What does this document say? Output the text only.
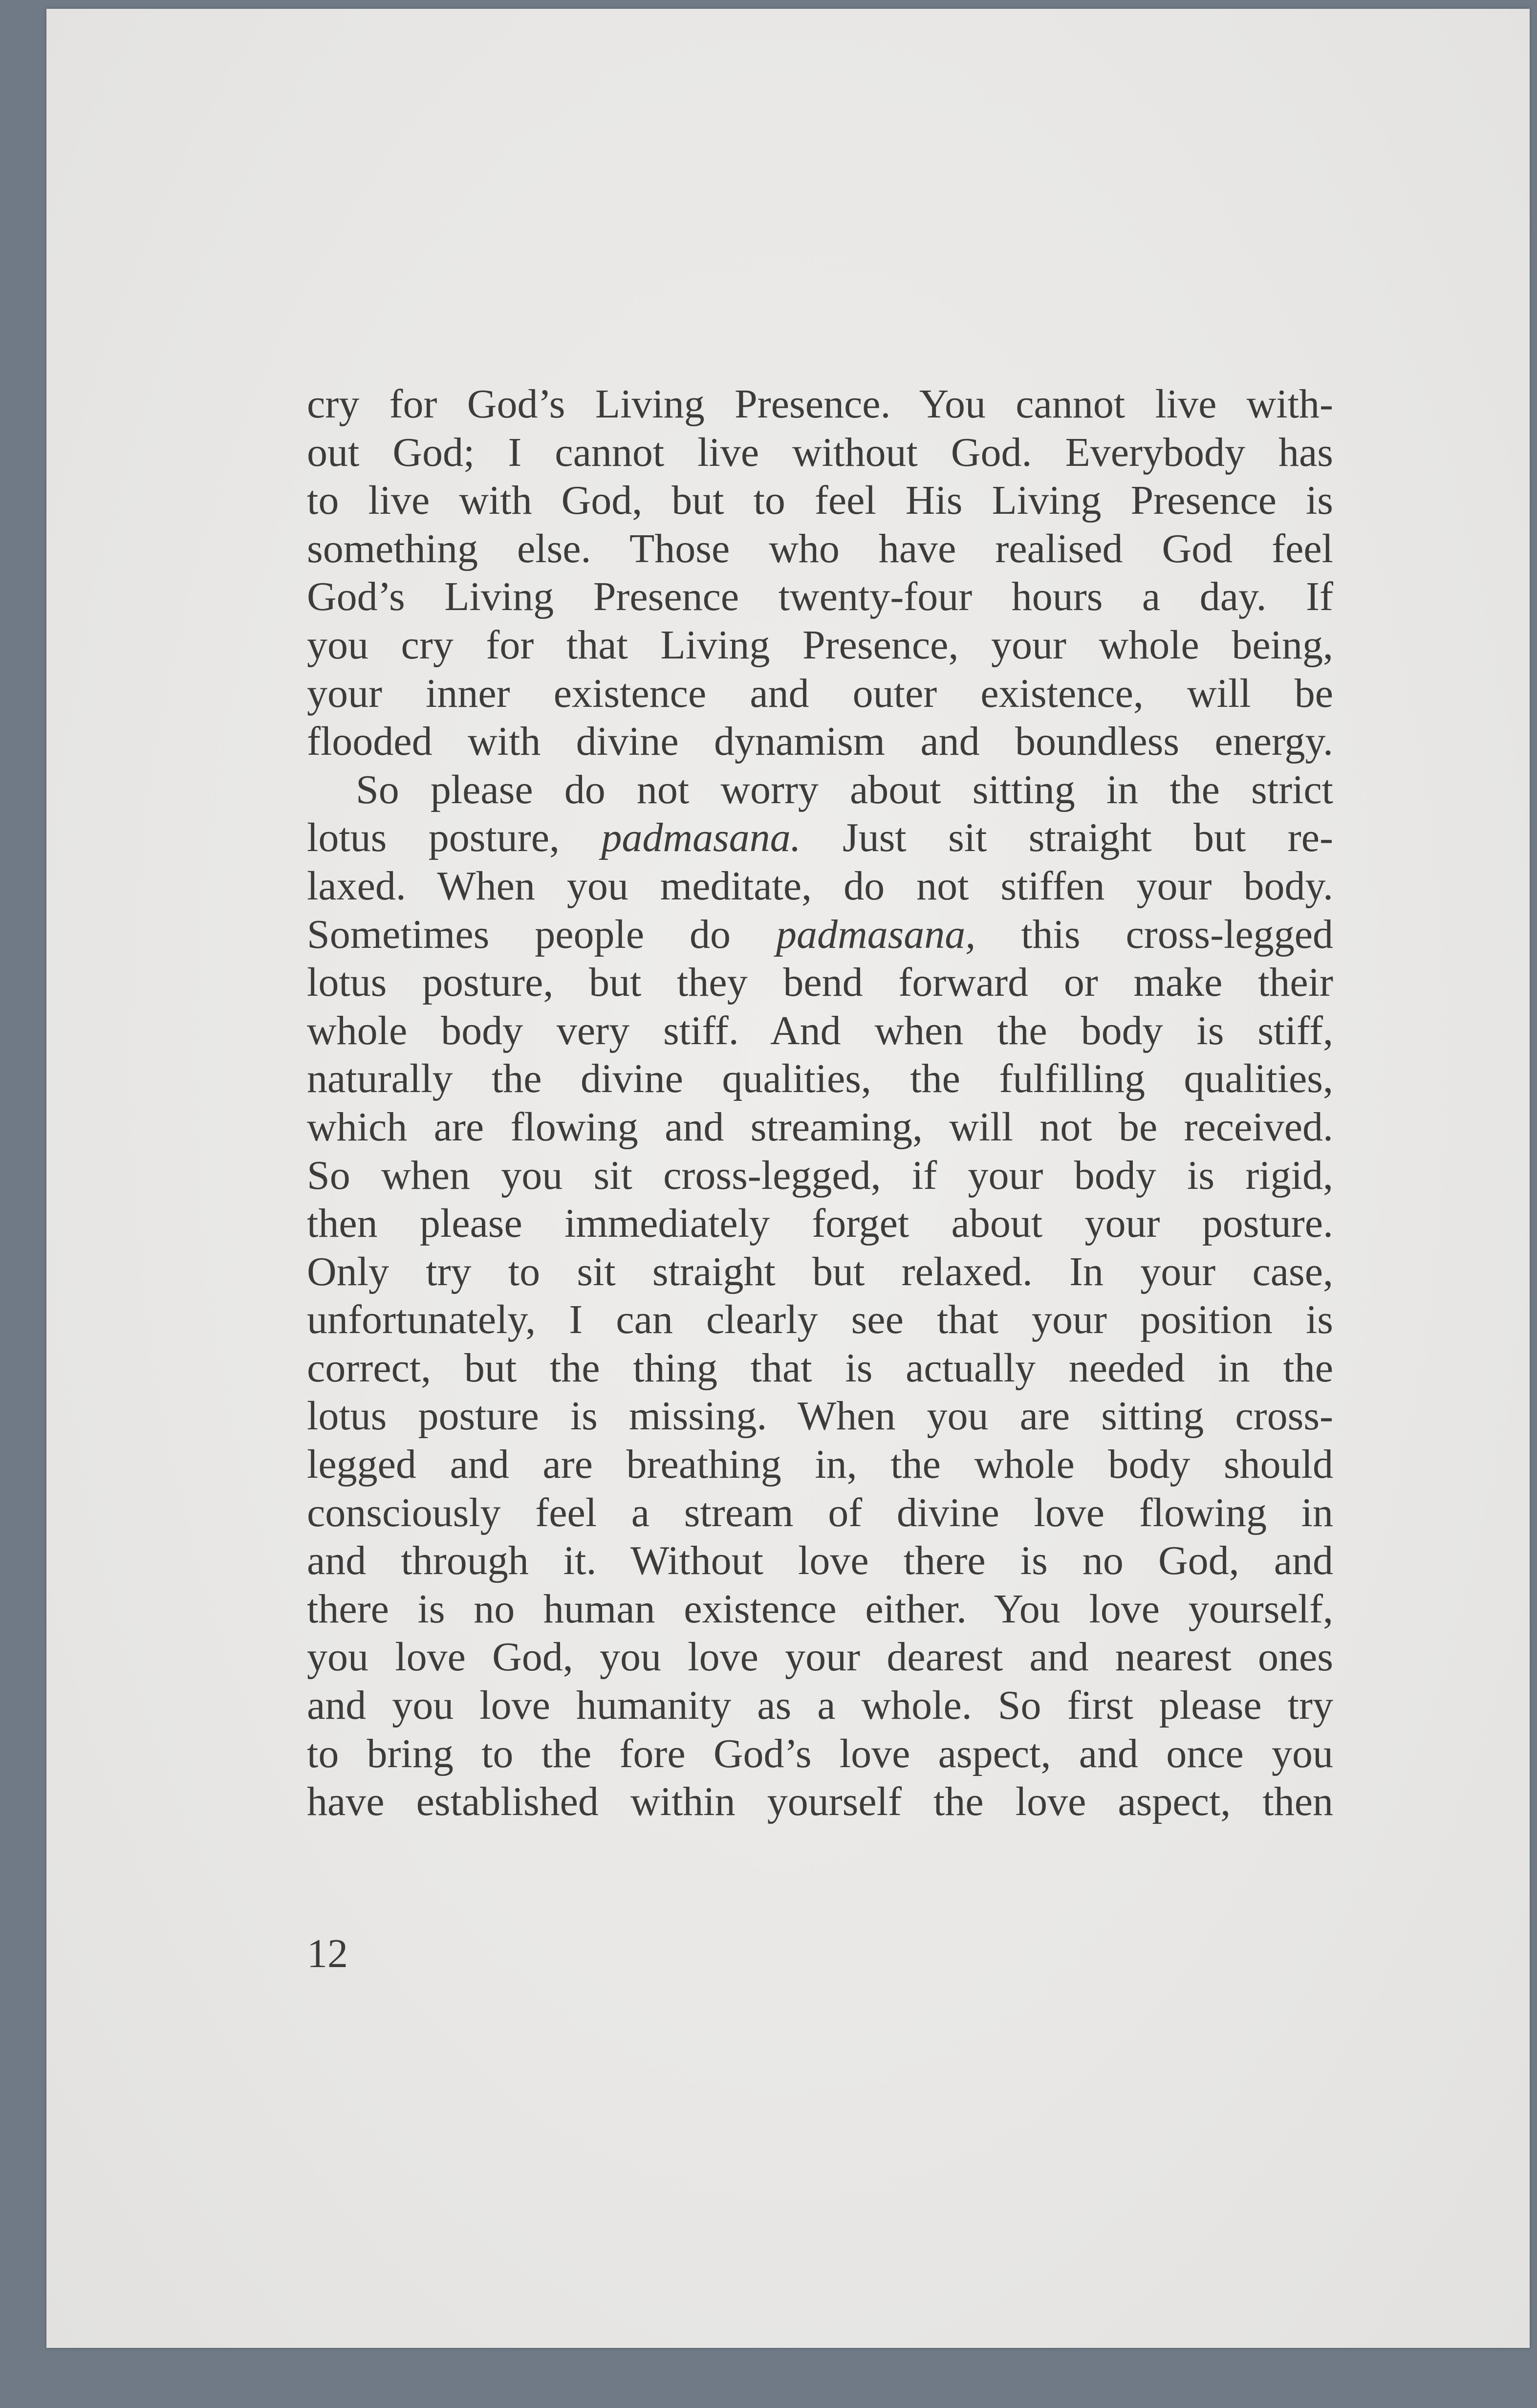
cry for God’s Living Presence. You cannot live with-
out God; I cannot live without God. Everybody has
to live with God, but to feel His Living Presence is
something else. Those who have realised God feel
God’s Living Presence twenty-four hours a day. If
you cry for that Living Presence, your whole being,
your inner existence and outer existence, will be
flooded with divine dynamism and boundless energy.
So please do not worry about sitting in the strict
lotus posture, padmasana. Just sit straight but re-
laxed. When you meditate, do not stiffen your body.
Sometimes people do padmasana, this cross-legged
lotus posture, but they bend forward or make their
whole body very stiff. And when the body is stiff,
naturally the divine qualities, the fulfilling qualities,
which are flowing and streaming, will not be received.
So when you sit cross-legged, if your body is rigid,
then please immediately forget about your posture.
Only try to sit straight but relaxed. In your case,
unfortunately, I can clearly see that your position is
correct, but the thing that is actually needed in the
lotus posture is missing. When you are sitting cross-
legged and are breathing in, the whole body should
consciously feel a stream of divine love flowing in
and through it. Without love there is no God, and
there is no human existence either. You love yourself,
you love God, you love your dearest and nearest ones
and you love humanity as a whole. So first please try
to bring to the fore God’s love aspect, and once you
have established within yourself the love aspect, then
12
